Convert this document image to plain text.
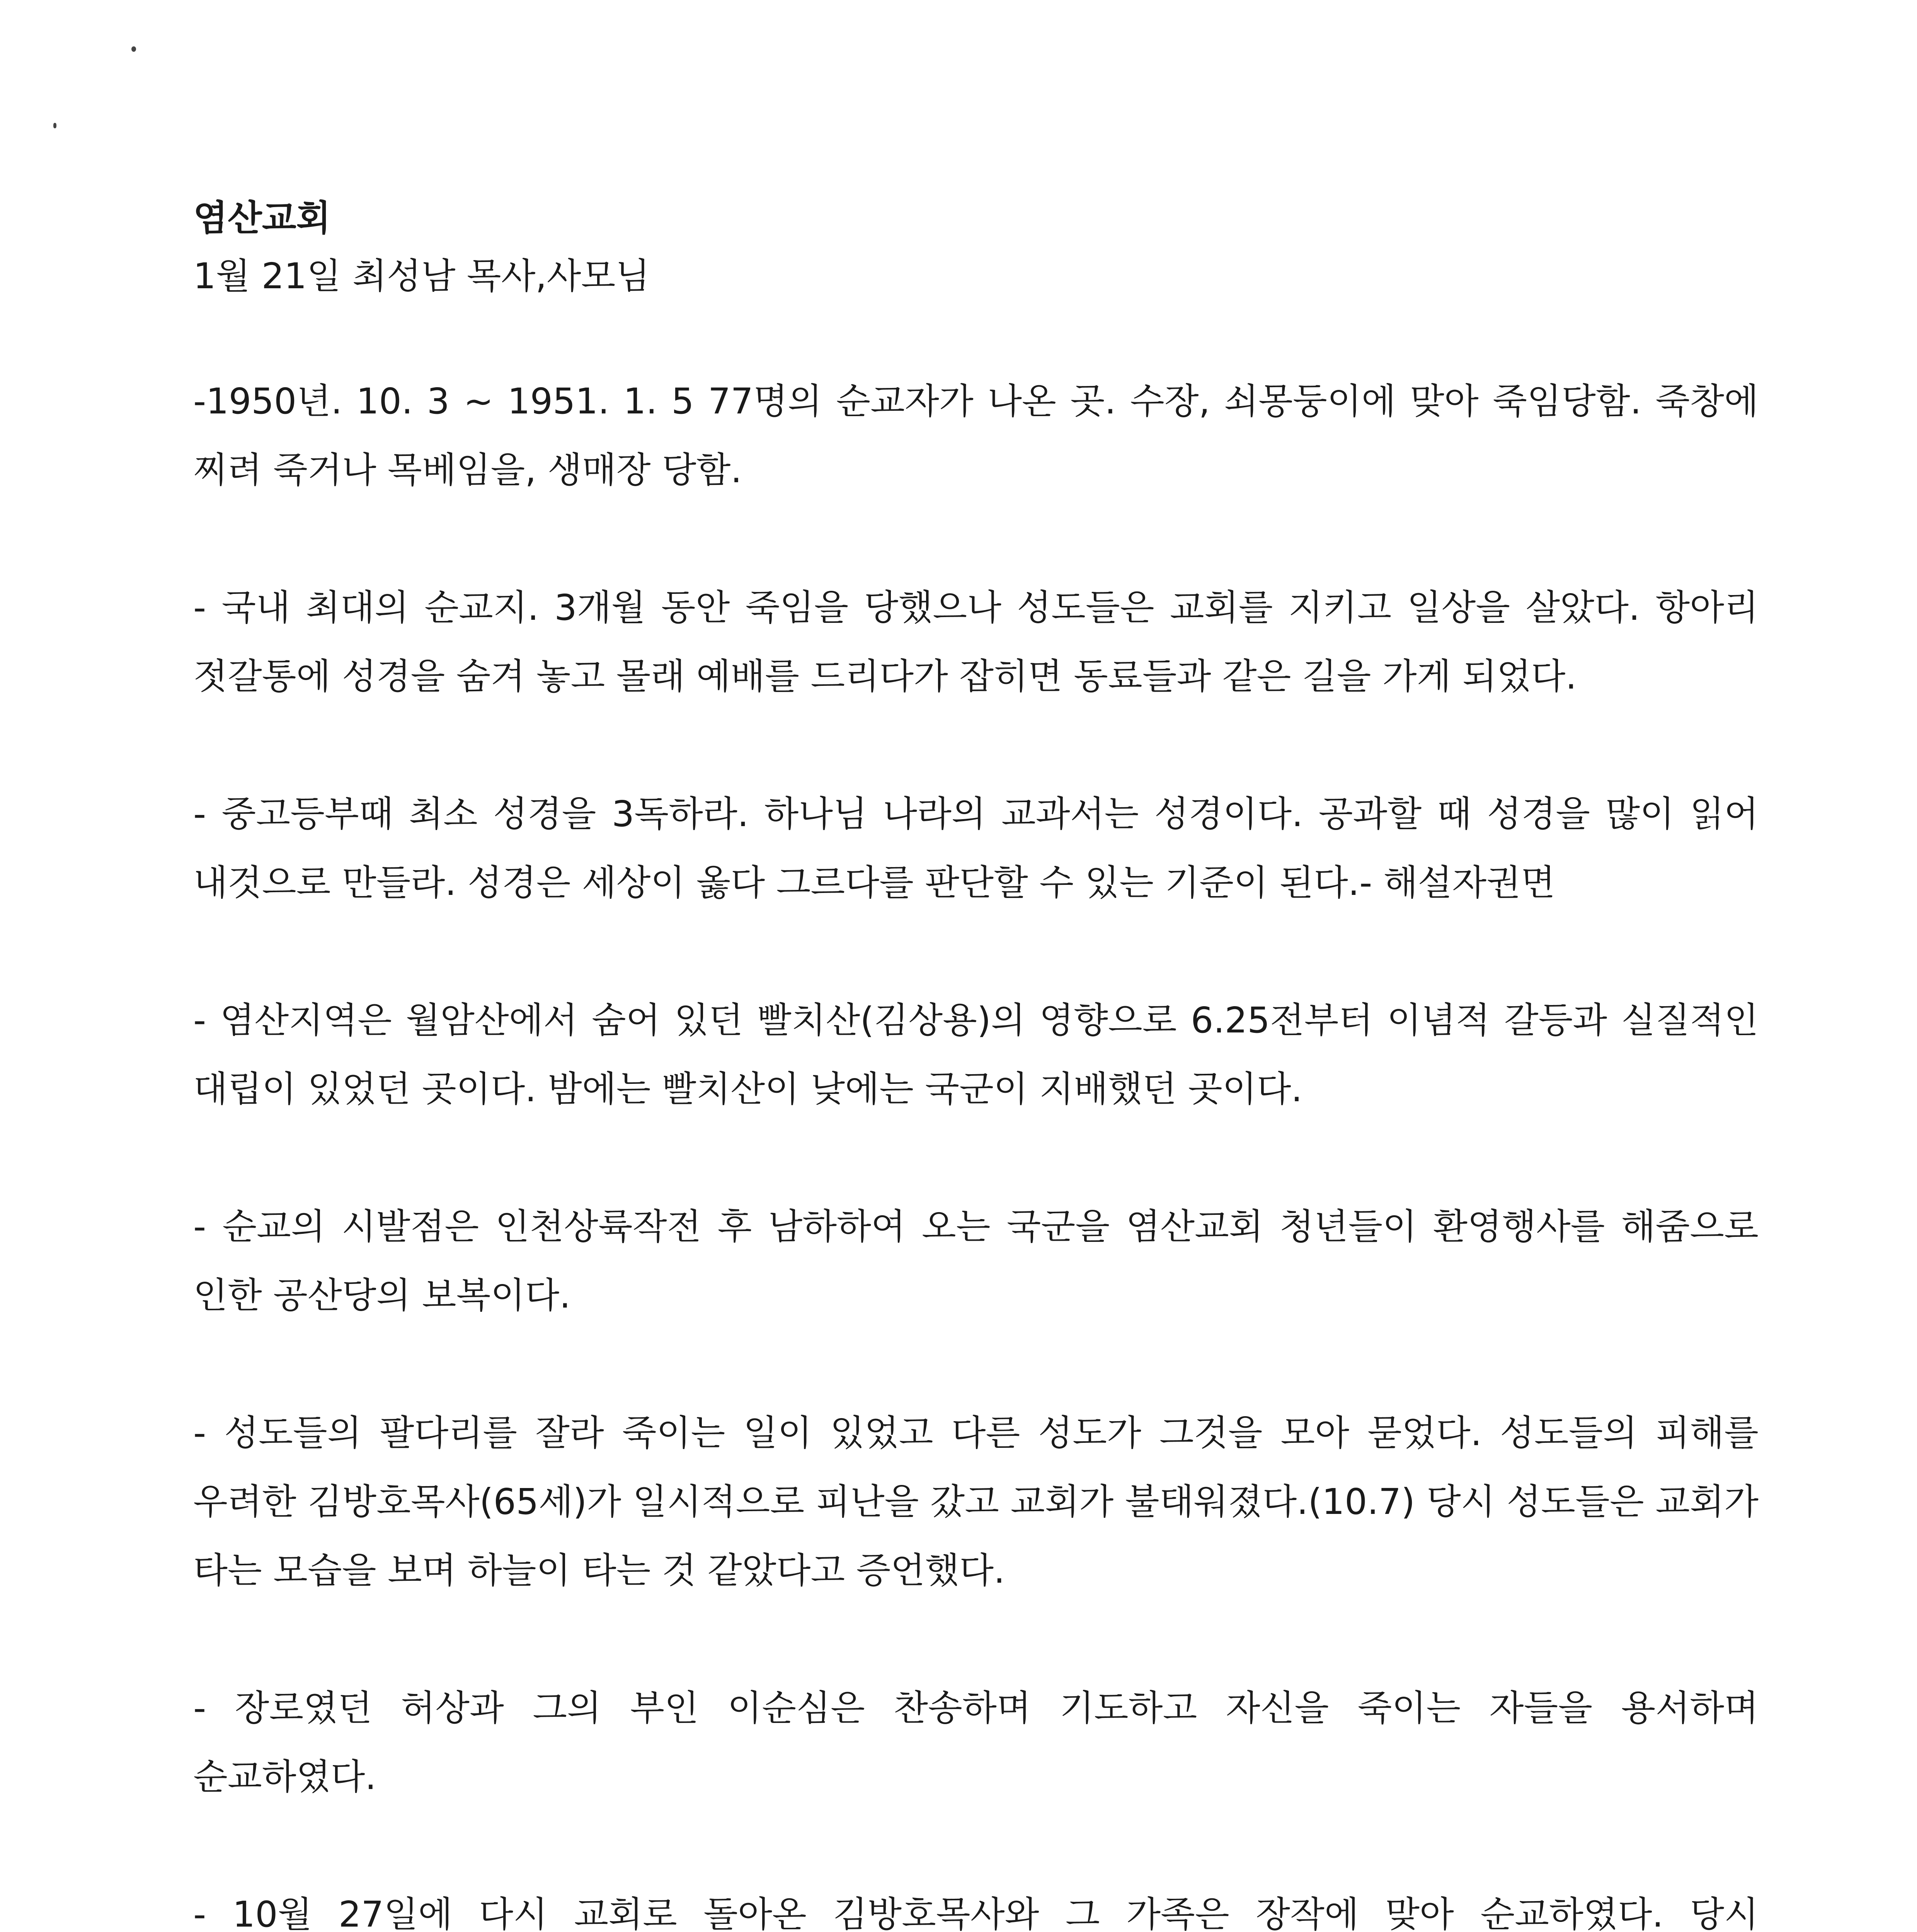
염산교회

1월 21일 최성남 목사,사모님

-1950년. 10. 3 ~ 1951. 1. 5 77명의 순교자가 나온 곳. 수장, 쇠몽둥이에 맞아 죽임당함. 죽창에 찌려 죽거나 목베임을, 생매장 당함.

- 국내 최대의 순교지. 3개월 동안 죽임을 당했으나 성도들은 교회를 지키고 일상을 살았다. 항아리 젓갈통에 성경을 숨겨 놓고 몰래 예배를 드리다가 잡히면 동료들과 같은 길을 가게 되었다.

- 중고등부때 최소 성경을 3독하라. 하나님 나라의 교과서는 성경이다. 공과할 때 성경을 많이 읽어 내것으로 만들라. 성경은 세상이 옳다 그르다를 판단할 수 있는 기준이 된다.- 해설자권면

- 염산지역은 월암산에서 숨어 있던 빨치산(김상용)의 영향으로 6.25전부터 이념적 갈등과 실질적인 대립이 있었던 곳이다. 밤에는 빨치산이 낮에는 국군이 지배했던 곳이다.

- 순교의 시발점은 인천상륙작전 후 남하하여 오는 국군을 염산교회 청년들이 환영행사를 해줌으로 인한 공산당의 보복이다.

- 성도들의 팔다리를 잘라 죽이는 일이 있었고 다른 성도가 그것을 모아 묻었다. 성도들의 피해를 우려한 김방호목사(65세)가 일시적으로 피난을 갔고 교회가 불태워졌다.(10.7) 당시 성도들은 교회가 타는 모습을 보며 하늘이 타는 것 같았다고 증언했다.

- 장로였던 허상과 그의 부인 이순심은 찬송하며 기도하고 자신을 죽이는 자들을 용서하며 순교하였다.

- 10월 27일에 다시 교회로 돌아온 김방호목사와 그 가족은 장작에 맞아 순교하였다. 당시
